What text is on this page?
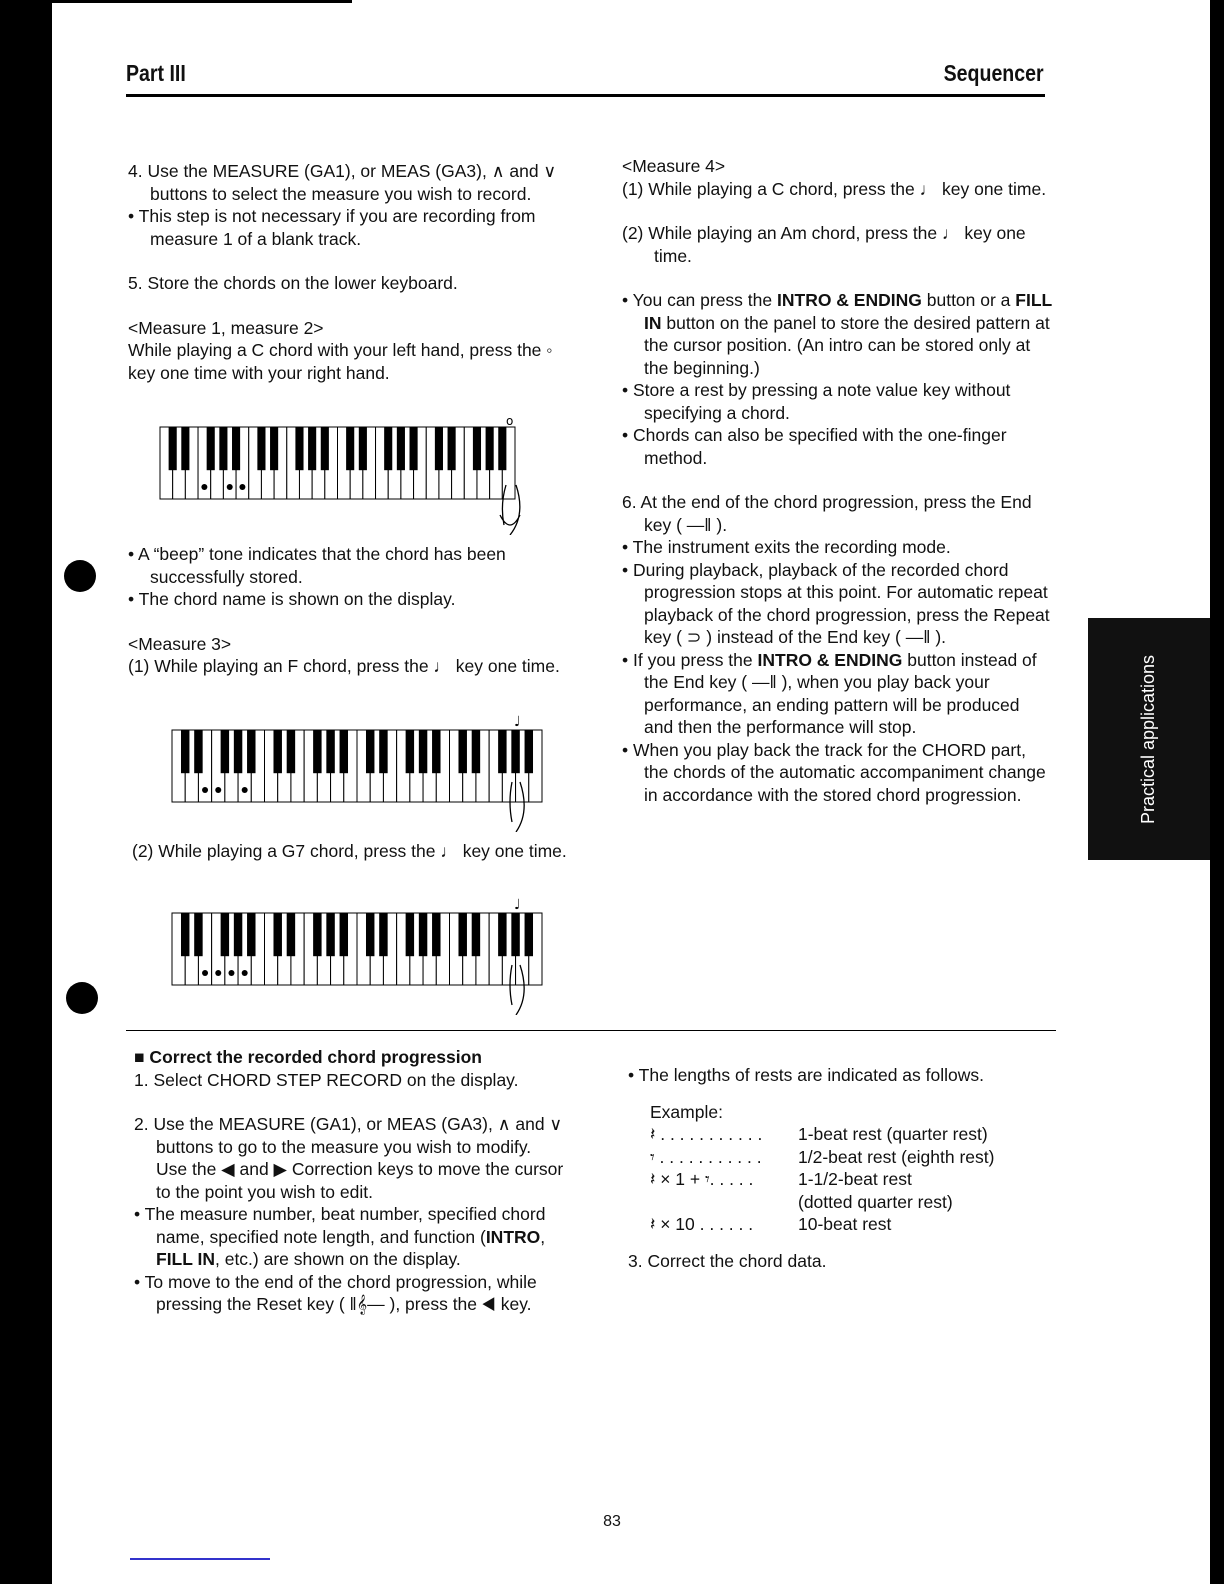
Part III	Sequencer

4. Use the MEASURE (GA1), or MEAS (GA3), ∧ and ∨ buttons to select the measure you wish to record.

• This step is not necessary if you are recording from measure 1 of a blank track.

5. Store the chords on the lower keyboard.

<Measure 1, measure 2>

While playing a C chord with your left hand, press the ◦ key one time with your right hand.

o

• A “beep” tone indicates that the chord has been successfully stored.

• The chord name is shown on the display.

<Measure 3>

(1) While playing an F chord, press the ♩ key one time.

♩

(2) While playing a G7 chord, press the ♩ key one time.

♩

<Measure 4>

(1) While playing a C chord, press the ♩ key one time.

(2) While playing an Am chord, press the ♩ key one time.

• You can press the INTRO & ENDING button or a FILL IN button on the panel to store the desired pattern at the cursor position. (An intro can be stored only at the beginning.)

• Store a rest by pressing a note value key without specifying a chord.

• Chords can also be specified with the one-finger method.

6. At the end of the chord progression, press the End key ( —‖ ).

• The instrument exits the recording mode.

• During playback, playback of the recorded chord progression stops at this point. For automatic repeat playback of the chord progression, press the Repeat key ( ⊃ ) instead of the End key ( —‖ ).

• If you press the INTRO & ENDING button instead of the End key ( —‖ ), when you play back your performance, an ending pattern will be produced and then the performance will stop.

• When you play back the track for the CHORD part, the chords of the automatic accompaniment change in accordance with the stored chord progression.	Practical applications

■ Correct the recorded chord progression

1. Select CHORD STEP RECORD on the display.

2. Use the MEASURE (GA1), or MEAS (GA3), ∧ and ∨ buttons to go to the measure you wish to modify. Use the ◀ and ▶ Correction keys to move the cursor to the point you wish to edit.

• The measure number, beat number, specified chord name, specified note length, and function (INTRO, FILL IN, etc.) are shown on the display.

• To move to the end of the chord progression, while pressing the Reset key ( ‖𝄞— ), press the ◀ key.

• The lengths of rests are indicated as follows.

Example:

𝄽 . . . . . . . . . . .	1-beat rest (quarter rest)
𝄾 . . . . . . . . . . .	1/2-beat rest (eighth rest)
𝄽 × 1 + 𝄾. . . . .	1-1/2-beat rest
(dotted quarter rest)
𝄽 × 10 . . . . . .	10-beat rest

3. Correct the chord data.

83
